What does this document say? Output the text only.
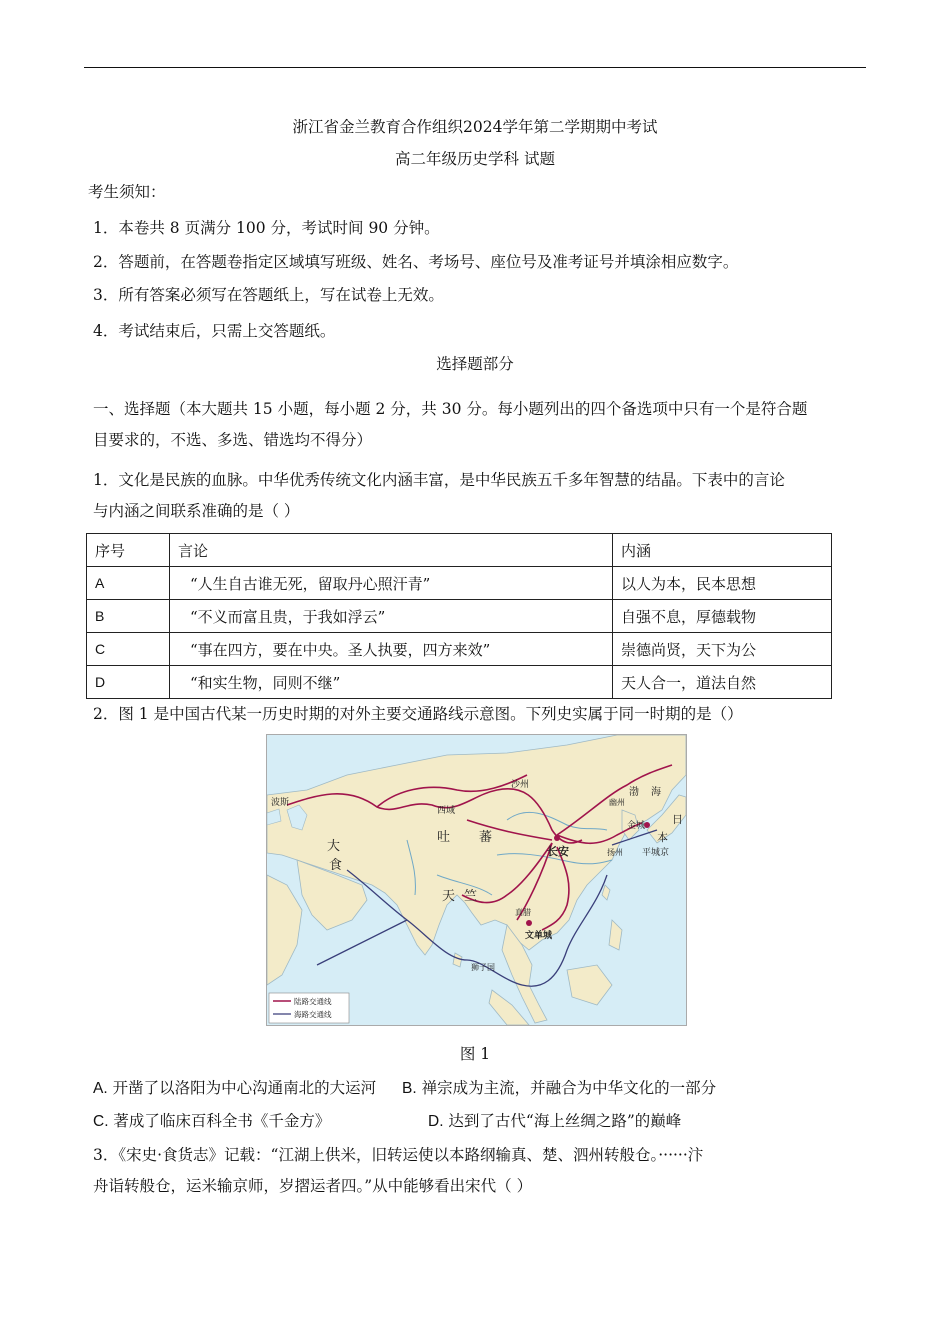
浙江省金兰教育合作组织2024学年第二学期期中考试
高二年级历史学科 试题
考生须知：
1．本卷共 8 页满分 100 分，考试时间 90 分钟。
2．答题前，在答题卷指定区域填写班级、姓名、考场号、座位号及准考证号并填涂相应数字。
3．所有答案必须写在答题纸上，写在试卷上无效。
4．考试结束后，只需上交答题纸。
选择题部分
一、选择题（本大题共 15 小题，每小题 2 分，共 30 分。每小题列出的四个备选项中只有一个是符合题
目要求的，不选、多选、错选均不得分）
1．文化是民族的血脉。中华优秀传统文化内涵丰富，是中华民族五千多年智慧的结晶。下表中的言论
与内涵之间联系准确的是（ ）
序号	言论	内涵
A	“人生自古谁无死，留取丹心照汗青”	以人为本，民本思想
B	“不义而富且贵，于我如浮云”	自强不息，厚德载物
C	“事在四方，要在中央。圣人执要，四方来效”	崇德尚贤，天下为公
D	“和实生物，同则不继”	天人合一，道法自然
2．图 1 是中国古代某一历史时期的对外主要交通路线示意图。下列史实属于同一时期的是（）
波斯
大
食
吐 蕃
天 竺
长安
沙州
西域
扬州
幽州
渤 海
金城
平城京
日
本
文单城
狮子国
真腊
陆路交通线
海路交通线
图 1
A. 开凿了以洛阳为中心沟通南北的大运河 B. 禅宗成为主流，并融合为中华文化的一部分
C. 著成了临床百科全书《千金方》	D. 达到了古代“海上丝绸之路”的巅峰
3．《宋史·食货志》记载：“江湖上供米，旧转运使以本路纲输真、楚、泗州转般仓。······汴
舟诣转般仓，运米输京师，岁摺运者四。”从中能够看出宋代（ ）
